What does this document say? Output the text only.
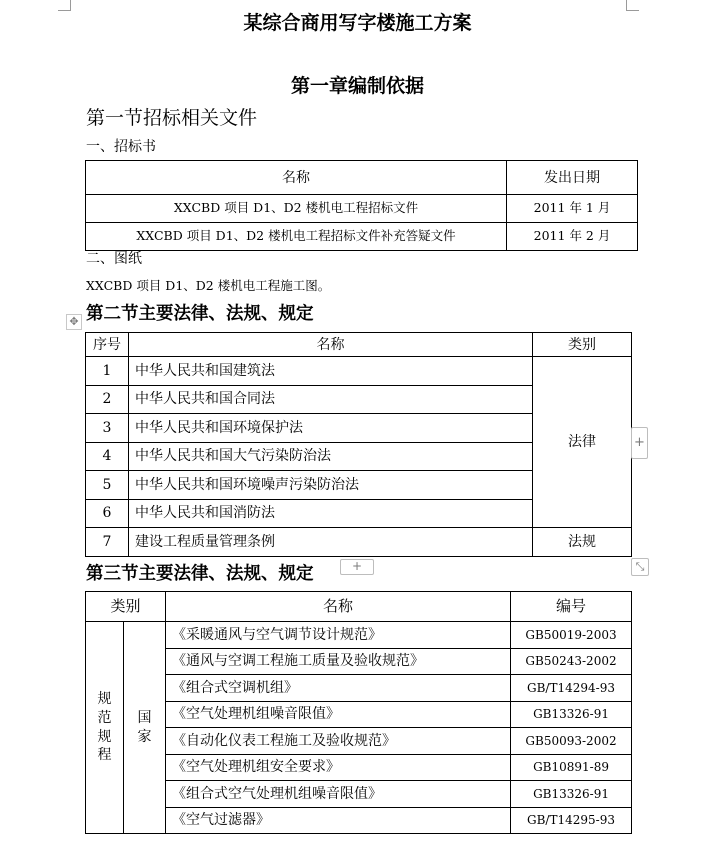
某综合商用写字楼施工方案
第一章编制依据
第一节招标相关文件
一、招标书
名称	发出日期
XXCBD 项目 D1、D2 楼机电工程招标文件	2011 年 1 月
XXCBD 项目 D1、D2 楼机电工程招标文件补充答疑文件	2011 年 2 月
二、图纸
XXCBD 项目 D1、D2 楼机电工程施工图。
第二节主要法律、法规、规定
✥
序号	名称	类别
1	中华人民共和国建筑法	法律
2	中华人民共和国合同法	
3	中华人民共和国环境保护法	
4	中华人民共和国大气污染防治法	
5	中华人民共和国环境噪声污染防治法	
6	中华人民共和国消防法	
7	建设工程质量管理条例	法规
+
第三节主要法律、法规、规定	+	⤡
类别		名称	编号

规范规程	国家	《采暖通风与空气调节设计规范》	GB50019-2003
		《通风与空调工程施工质量及验收规范》	GB50243-2002
		《组合式空调机组》	GB/T14294-93
		《空气处理机组噪音限值》	GB13326-91
		《自动化仪表工程施工及验收规范》	GB50093-2002
		《空气处理机组安全要求》	GB10891-89
		《组合式空气处理机组噪音限值》	GB13326-91
		《空气过滤器》	GB/T14295-93
